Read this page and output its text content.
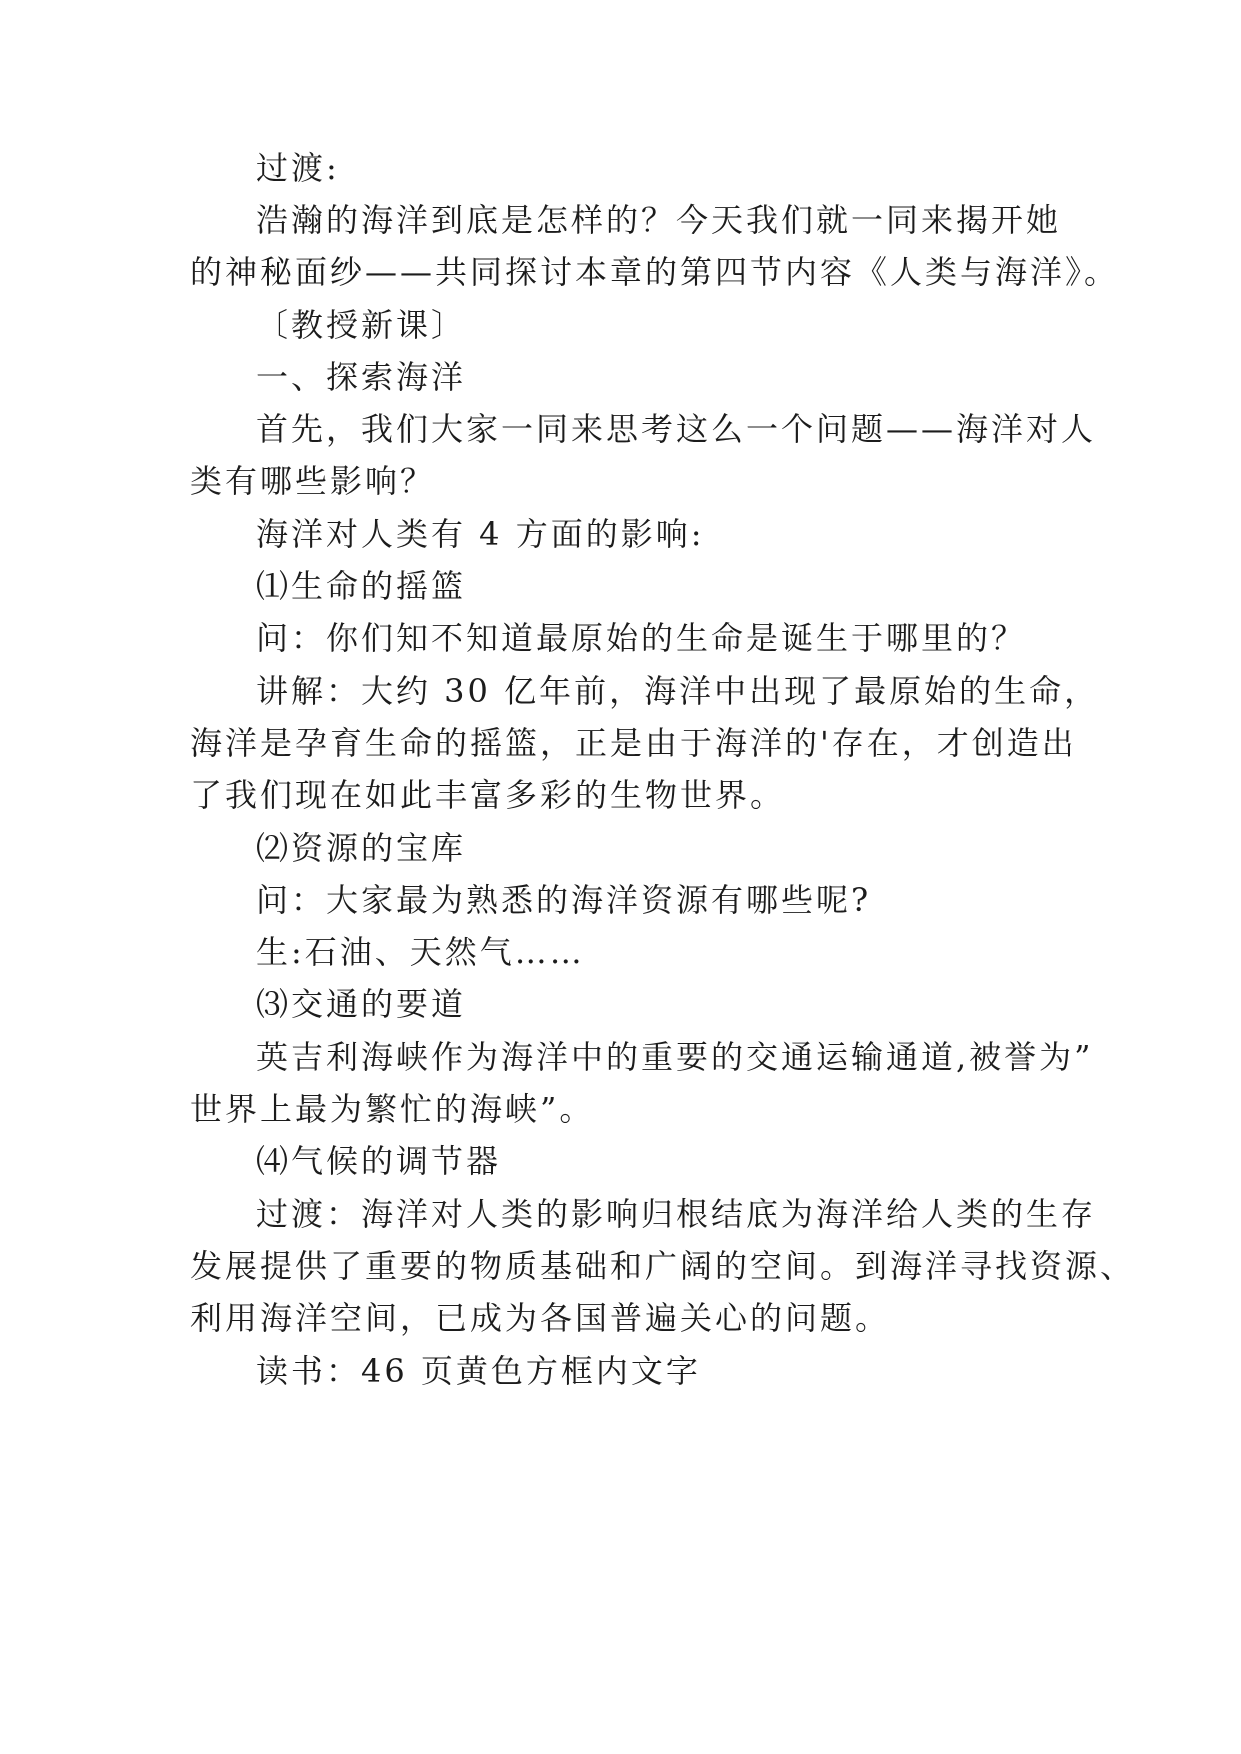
过渡:
浩瀚的海洋到底是怎样的？今天我们就一同来揭开她
的神秘面纱——共同探讨本章的第四节内容《人类与海洋》。
〔教授新课〕
一、探索海洋
首先，我们大家一同来思考这么一个问题——海洋对人
类有哪些影响？
海洋对人类有 4 方面的影响:
⑴生命的摇篮
问：你们知不知道最原始的生命是诞生于哪里的？
讲解：大约 30 亿年前，海洋中出现了最原始的生命，
海洋是孕育生命的摇篮，正是由于海洋的'存在，才创造出
了我们现在如此丰富多彩的生物世界。
⑵资源的宝库
问：大家最为熟悉的海洋资源有哪些呢?
生:石油、天然气……
⑶交通的要道
英吉利海峡作为海洋中的重要的交通运输通道,被誉为”
世界上最为繁忙的海峡”。
⑷气候的调节器
过渡：海洋对人类的影响归根结底为海洋给人类的生存
发展提供了重要的物质基础和广阔的空间。到海洋寻找资源、
利用海洋空间，已成为各国普遍关心的问题。
读书：46 页黄色方框内文字
